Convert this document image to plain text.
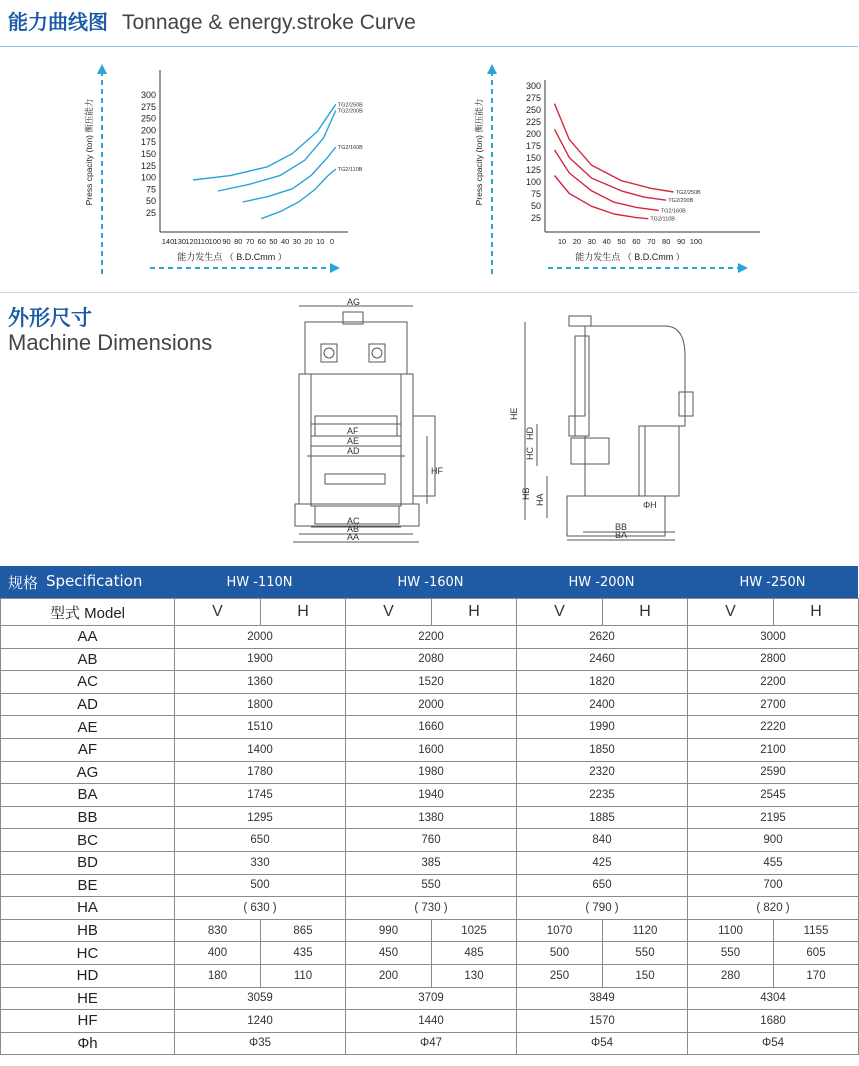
能力曲线图 Tonnage & energy.stroke Curve
300
275
250
200
175
150
125
100
75
50
25
140 130 120 110 100 90 80 70 60 50 40 30 20 10 0
Press cpacity (ton) 衡压能力
能力发生点 （ B.D.Cmm ）
TG2/250B
TG2/200B
TG2/160B
TG2/110B
300
275
250
225
200
175
150
125
100
75
50
25
10 20 30 40 50 60 70 80 90 100
Press cpacity (ton) 衡压能力
能力发生点 （ B.D.Cmm ）
TG2/250B
TG2/200B
TG2/160B
TG2/110B
外形尺寸
Machine Dimensions
AG
AF
AE
AD
AC
AB
AA
HF
HE
HD
HC
HB HA
BB
BA
ΦH
规格 Specification	HW -110N	HW -160N	HW -200N	HW -250N
型式 Model	V	H	V	H	V	H	V	H
AA	2000		2200		2620		3000	
AB	1900		2080		2460		2800	
AC	1360		1520		1820		2200	
AD	1800		2000		2400		2700	
AE	1510		1660		1990		2220	
AF	1400		1600		1850		2100	
AG	1780		1980		2320		2590	
BA	1745		1940		2235		2545	
BB	1295		1380		1885		2195	
BC	650		760		840		900	
BD	330		385		425		455	
BE	500		550		650		700	
HA	( 630 )		( 730 )		( 790 )		( 820 )	
HB	830	865	990	1025	1070	1120	1100	1155
HC	400	435	450	485	500	550	550	605
HD	180	110	200	130	250	150	280	170
HE	3059		3709		3849		4304	
HF	1240		1440		1570		1680	
Φh	Φ35		Φ47		Φ54		Φ54	
